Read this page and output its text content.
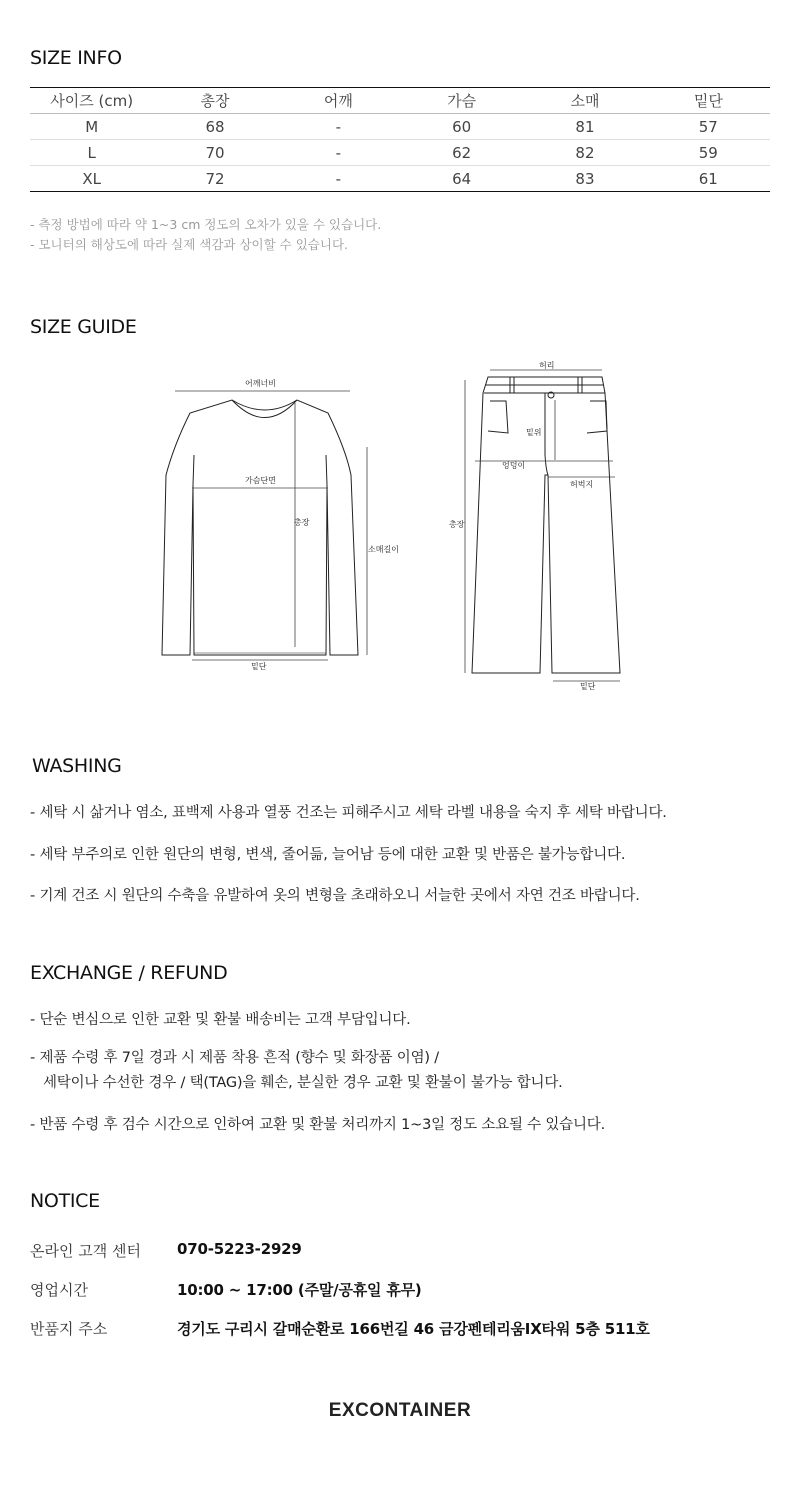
SIZE INFO
사이즈 (cm)	총장	어깨	가슴	소매	밑단
M	68	-	60	81	57
L	70	-	62	82	59
XL	72	-	64	83	61

- 측정 방법에 따라 약 1~3 cm 정도의 오차가 있을 수 있습니다.

- 모니터의 해상도에 따라 실제 색감과 상이할 수 있습니다.

SIZE GUIDE
어깨너비
가슴단면
총장
소매길이
밑단
허리
밑위
엉덩이
허벅지
총장
밑단
WASHING

- 세탁 시 삶거나 염소, 표백제 사용과 열풍 건조는 피해주시고 세탁 라벨 내용을 숙지 후 세탁 바랍니다.

- 세탁 부주의로 인한 원단의 변형, 변색, 줄어듦, 늘어남 등에 대한 교환 및 반품은 불가능합니다.

- 기계 건조 시 원단의 수축을 유발하여 옷의 변형을 초래하오니 서늘한 곳에서 자연 건조 바랍니다.

EXCHANGE / REFUND

- 단순 변심으로 인한 교환 및 환불 배송비는 고객 부담입니다.

- 제품 수령 후 7일 경과 시 제품 착용 흔적 (향수 및 화장품 이염) /

세탁이나 수선한 경우 / 택(TAG)을 훼손, 분실한 경우 교환 및 환불이 불가능 합니다.

- 반품 수령 후 검수 시간으로 인하여 교환 및 환불 처리까지 1~3일 정도 소요될 수 있습니다.

NOTICE

온라인 고객 센터 070-5223-2929

영업시간	10:00 ~ 17:00 (주말/공휴일 휴무)

반품지 주소	경기도 구리시 갈매순환로 166번길 46 금강펜테리움IX타워 5층 511호

EXCONTAINER
